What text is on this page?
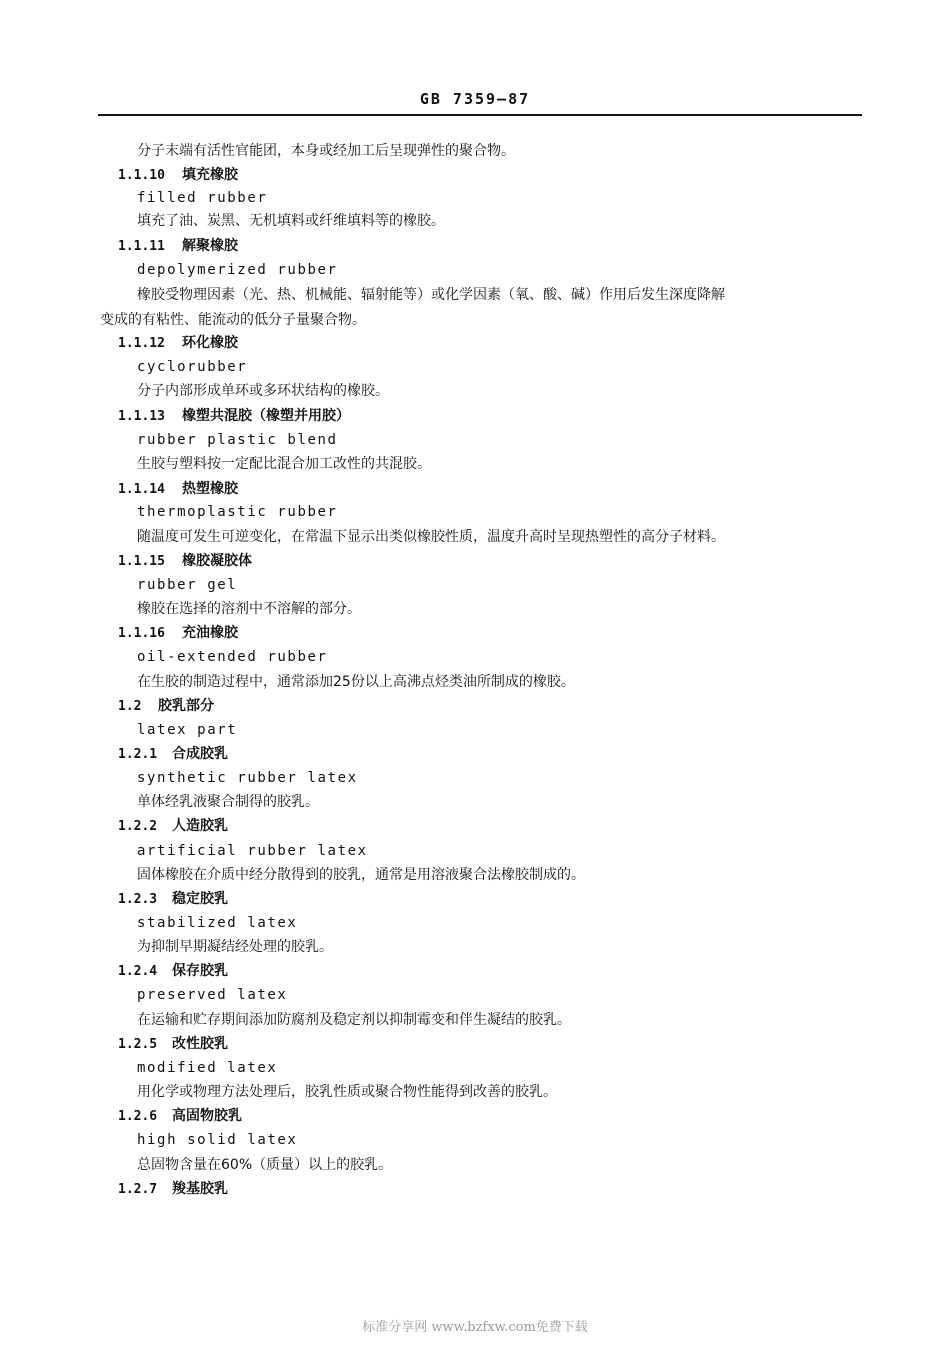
GB 7359—87
分子末端有活性官能团，本身或经加工后呈现弹性的聚合物。
1.1.10 填充橡胶
filled rubber
填充了油、炭黑、无机填料或纤维填料等的橡胶。
1.1.11 解聚橡胶
depolymerized rubber
橡胶受物理因素（光、热、机械能、辐射能等）或化学因素（氧、酸、碱）作用后发生深度降解
变成的有粘性、能流动的低分子量聚合物。
1.1.12 环化橡胶
cyclorubber
分子内部形成单环或多环状结构的橡胶。
1.1.13 橡塑共混胶（橡塑并用胶）
rubber plastic blend
生胶与塑料按一定配比混合加工改性的共混胶。
1.1.14 热塑橡胶
thermoplastic rubber
随温度可发生可逆变化，在常温下显示出类似橡胶性质，温度升高时呈现热塑性的高分子材料。
1.1.15 橡胶凝胶体
rubber gel
橡胶在选择的溶剂中不溶解的部分。
1.1.16 充油橡胶
oil-extended rubber
在生胶的制造过程中，通常添加25份以上高沸点烃类油所制成的橡胶。
1.2 胶乳部分
latex part
1.2.1 合成胶乳
synthetic rubber latex
单体经乳液聚合制得的胶乳。
1.2.2 人造胶乳
artificial rubber latex
固体橡胶在介质中经分散得到的胶乳，通常是用溶液聚合法橡胶制成的。
1.2.3 稳定胶乳
stabilized latex
为抑制早期凝结经处理的胶乳。
1.2.4 保存胶乳
preserved latex
在运输和贮存期间添加防腐剂及稳定剂以抑制霉变和伴生凝结的胶乳。
1.2.5 改性胶乳
modified latex
用化学或物理方法处理后，胶乳性质或聚合物性能得到改善的胶乳。
1.2.6 高固物胶乳
high solid latex
总固物含量在60%（质量）以上的胶乳。
1.2.7 羧基胶乳
标准分享网 www.bzfxw.com免费下载
